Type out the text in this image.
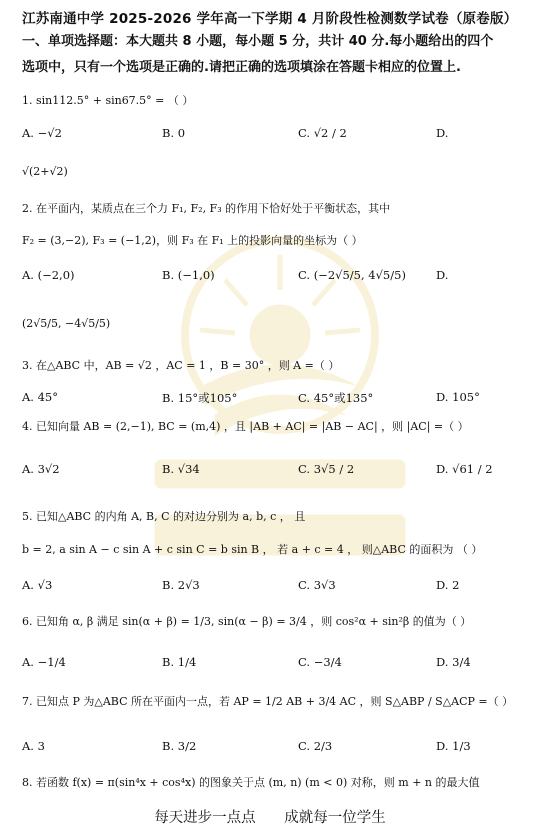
江苏南通中学 2025-2026 学年高一下学期 4 月阶段性检测数学试卷（原卷版）
一、单项选择题：本大题共 8 小题，每小题 5 分，共计 40 分.每小题给出的四个
选项中，只有一个选项是正确的.请把正确的选项填涂在答题卡相应的位置上.
1. sin112.5° + sin67.5° = （ ）
A. −√2	B. 0	C. √2 / 2	D.
√(2+√2)
2. 在平面内，某质点在三个力 F₁, F₂, F₃ 的作用下恰好处于平衡状态，其中
F₂ = (3,−2), F₃ = (−1,2)，则 F₃ 在 F₁ 上的投影向量的坐标为（ ）
A. (−2,0)	B. (−1,0)	C. (−2√5/5, 4√5/5)	D.
(2√5/5, −4√5/5)
3. 在△ABC 中，AB = √2 ，AC = 1 ，B = 30° ，则 A =（ ）
A. 45°	B. 15°或105°	C. 45°或135°	D. 105°
4. 已知向量 AB = (2,−1), BC = (m,4) ，且 |AB + AC| = |AB − AC| ，则 |AC| =（ ）
A. 3√2	B. √34	C. 3√5 / 2	D. √61 / 2
5. 已知△ABC 的内角 A, B, C 的对边分别为 a, b, c ， 且
b = 2, a sin A − c sin A + c sin C = b sin B ， 若 a + c = 4 ， 则△ABC 的面积为 （ ）
A. √3	B. 2√3	C. 3√3	D. 2
6. 已知角 α, β 满足 sin(α + β) = 1/3, sin(α − β) = 3/4 ，则 cos²α + sin²β 的值为（ ）
A. −1/4	B. 1/4	C. −3/4	D. 3/4
7. 已知点 P 为△ABC 所在平面内一点，若 AP = 1/2 AB + 3/4 AC ，则 S△ABP / S△ACP =（ ）
A. 3	B. 3/2	C. 2/3	D. 1/3
8. 若函数 f(x) = π(sin⁴x + cos⁴x) 的图象关于点 (m, n) (m < 0) 对称，则 m + n 的最大值
每天进步一点点 成就每一位学生
